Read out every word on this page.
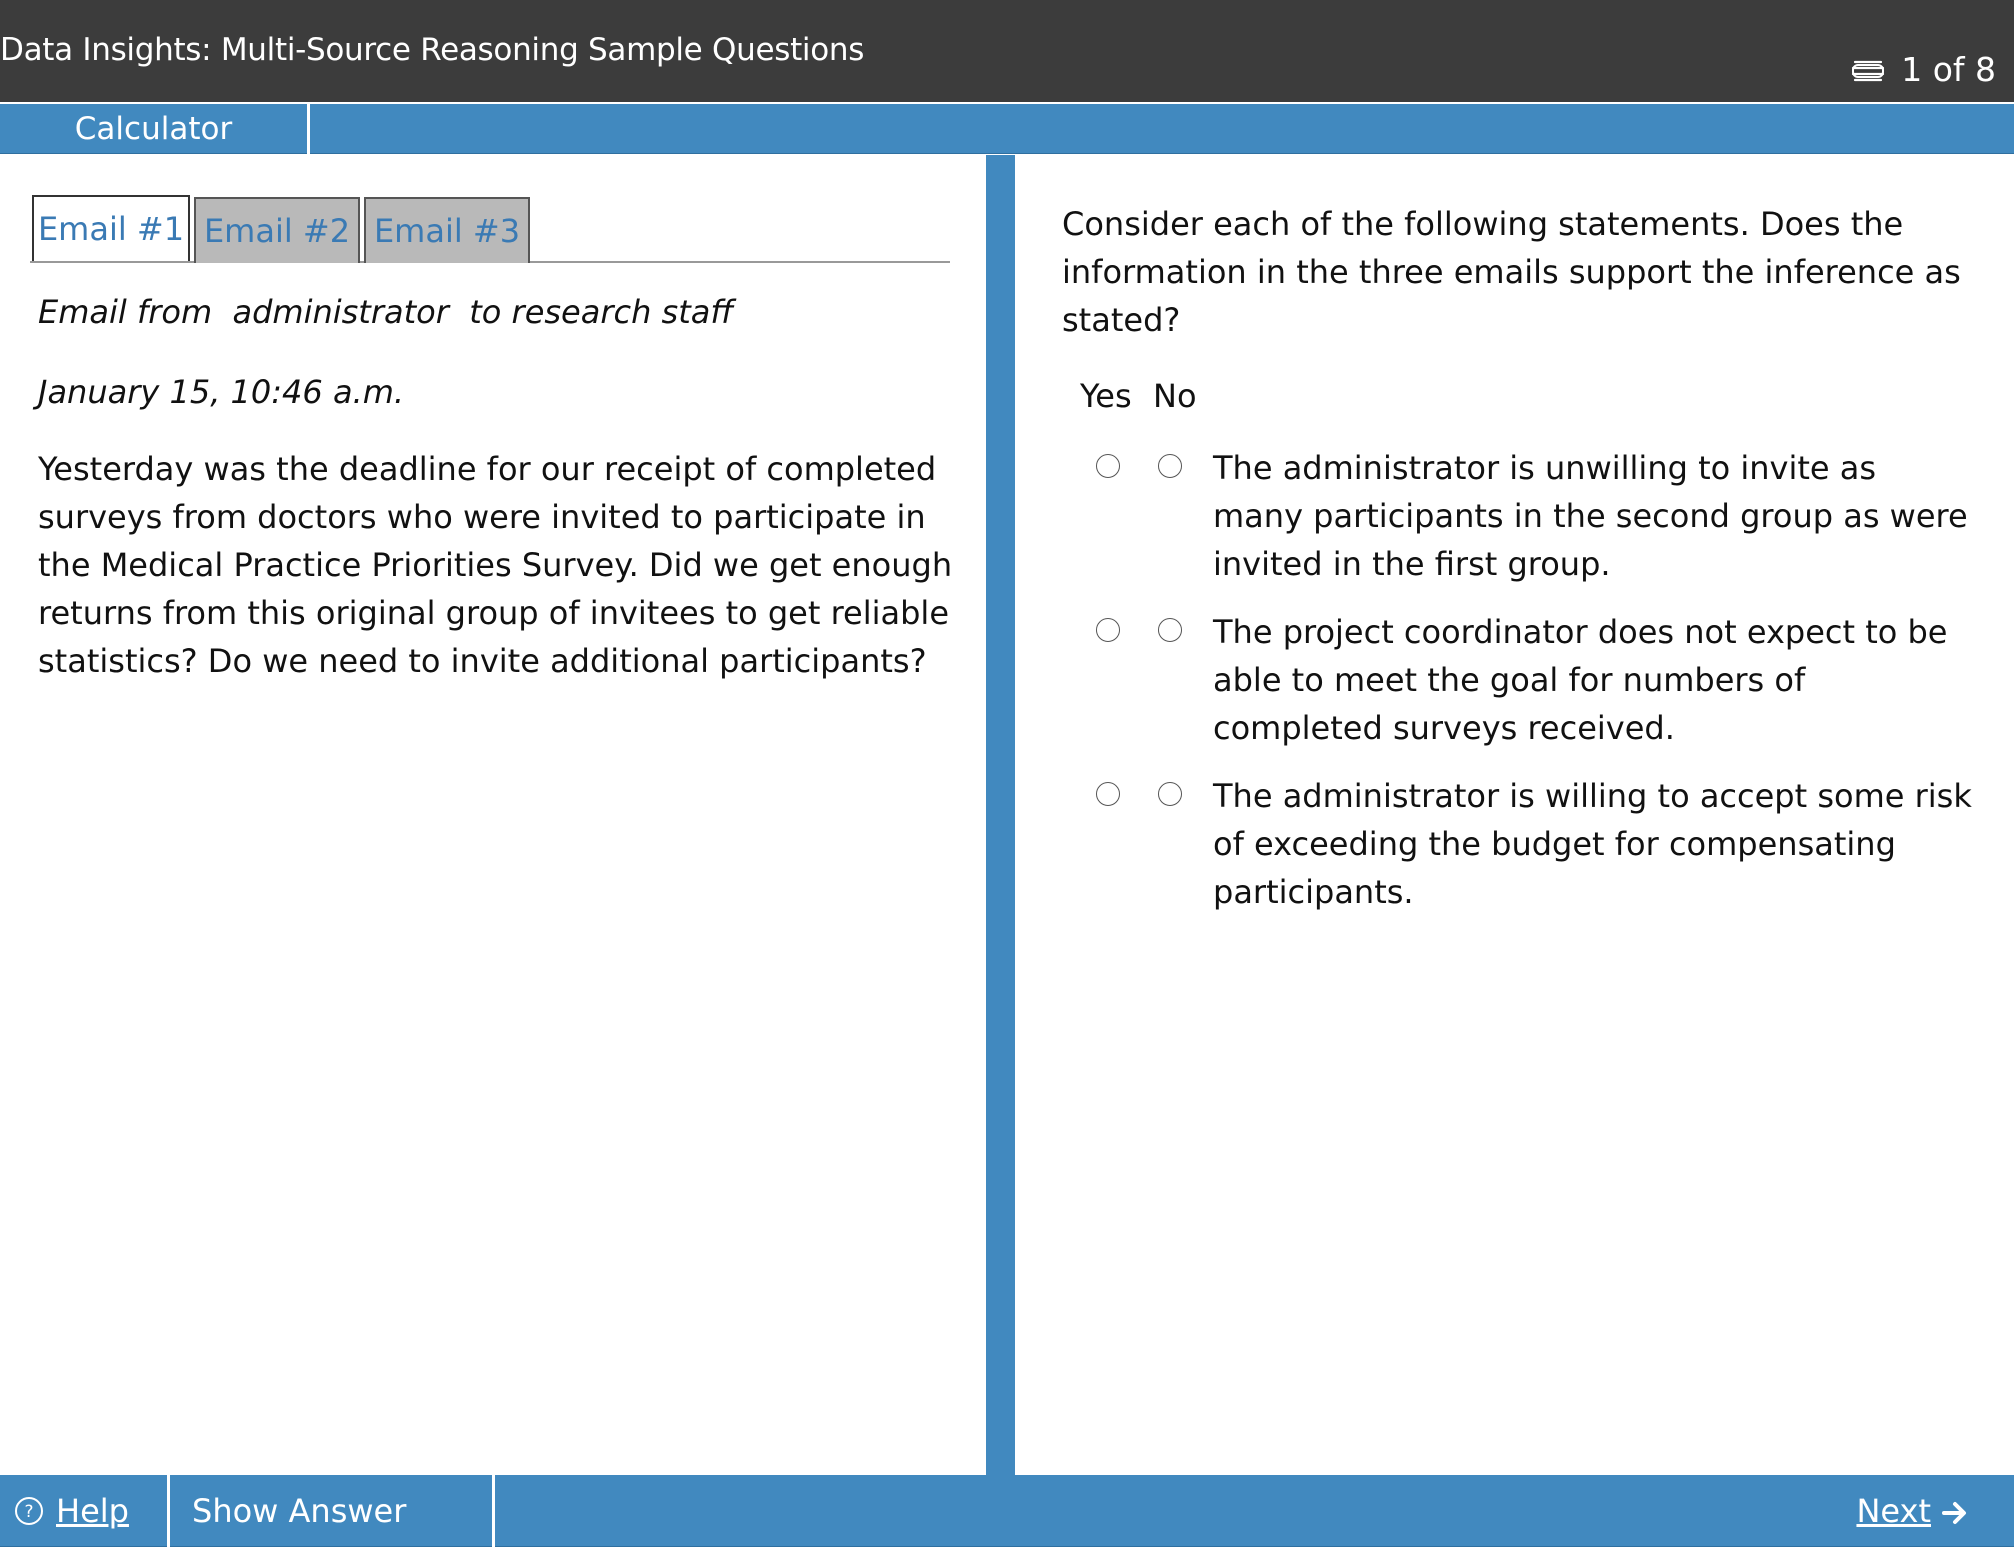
Data Insights: Multi-Source Reasoning Sample Questions	1 of 8
Calculator
Email #1 Email #2 Email #3
Email from  administrator  to research staff
January 15, 10:46 a.m.
Yesterday was the deadline for our receipt of completed surveys from doctors who were invited to participate in the Medical Practice Priorities Survey. Did we get enough returns from this original group of invitees to get reliable statistics? Do we need to invite additional participants?
Consider each of the following statements. Does the information in the three emails support the inference as stated?
Yes No
The administrator is unwilling to invite as many participants in the second group as were invited in the first group.
The project coordinator does not expect to be able to meet the goal for numbers of completed surveys received.
The administrator is willing to accept some risk of exceeding the budget for compensating participants.
? Help	Show Answer	Next
